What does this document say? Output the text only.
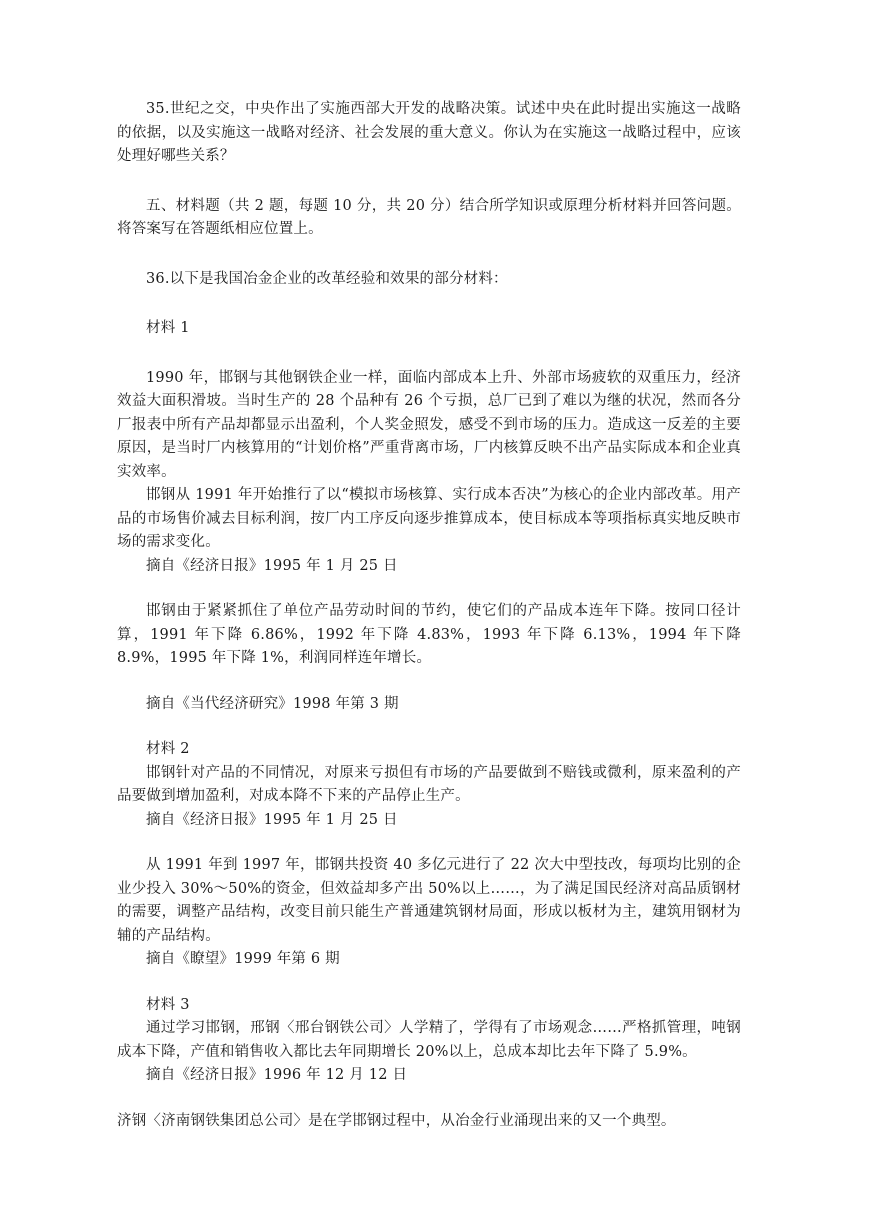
35.世纪之交，中央作出了实施西部大开发的战略决策。试述中央在此时提出实施这一战略的依据，以及实施这一战略对经济、社会发展的重大意义。你认为在实施这一战略过程中，应该处理好哪些关系？

五、材料题（共 2 题，每题 10 分，共 20 分）结合所学知识或原理分析材料并回答问题。将答案写在答题纸相应位置上。

36.以下是我国冶金企业的改革经验和效果的部分材料：

材料 1

1990 年，邯钢与其他钢铁企业一样，面临内部成本上升、外部市场疲软的双重压力，经济效益大面积滑坡。当时生产的 28 个品种有 26 个亏损，总厂已到了难以为继的状况，然而各分厂报表中所有产品却都显示出盈利，个人奖金照发，感受不到市场的压力。造成这一反差的主要原因，是当时厂内核算用的“计划价格”严重背离市场，厂内核算反映不出产品实际成本和企业真实效率。

邯钢从 1991 年开始推行了以“模拟市场核算、实行成本否决”为核心的企业内部改革。用产品的市场售价减去目标利润，按厂内工序反向逐步推算成本，使目标成本等项指标真实地反映市场的需求变化。

摘自《经济日报》1995 年 1 月 25 日

邯钢由于紧紧抓住了单位产品劳动时间的节约，使它们的产品成本连年下降。按同口径计算，1991 年下降 6.86%，1992 年下降 4.83%，1993 年下降 6.13%，1994 年下降 8.9%，1995 年下降 1%，利润同样连年增长。

摘自《当代经济研究》1998 年第 3 期

材料 2

邯钢针对产品的不同情况，对原来亏损但有市场的产品要做到不赔钱或微利，原来盈利的产品要做到增加盈利，对成本降不下来的产品停止生产。

摘自《经济日报》1995 年 1 月 25 日

从 1991 年到 1997 年，邯钢共投资 40 多亿元进行了 22 次大中型技改，每项均比别的企业少投入 30%～50%的资金，但效益却多产出 50%以上……，为了满足国民经济对高品质钢材的需要，调整产品结构，改变目前只能生产普通建筑钢材局面，形成以板材为主，建筑用钢材为辅的产品结构。

摘自《瞭望》1999 年第 6 期

材料 3

通过学习邯钢，邢钢〈邢台钢铁公司〉人学精了，学得有了市场观念……严格抓管理，吨钢成本下降，产值和销售收入都比去年同期增长 20%以上，总成本却比去年下降了 5.9%。

摘自《经济日报》1996 年 12 月 12 日

济钢〈济南钢铁集团总公司〉是在学邯钢过程中，从冶金行业涌现出来的又一个典型。
